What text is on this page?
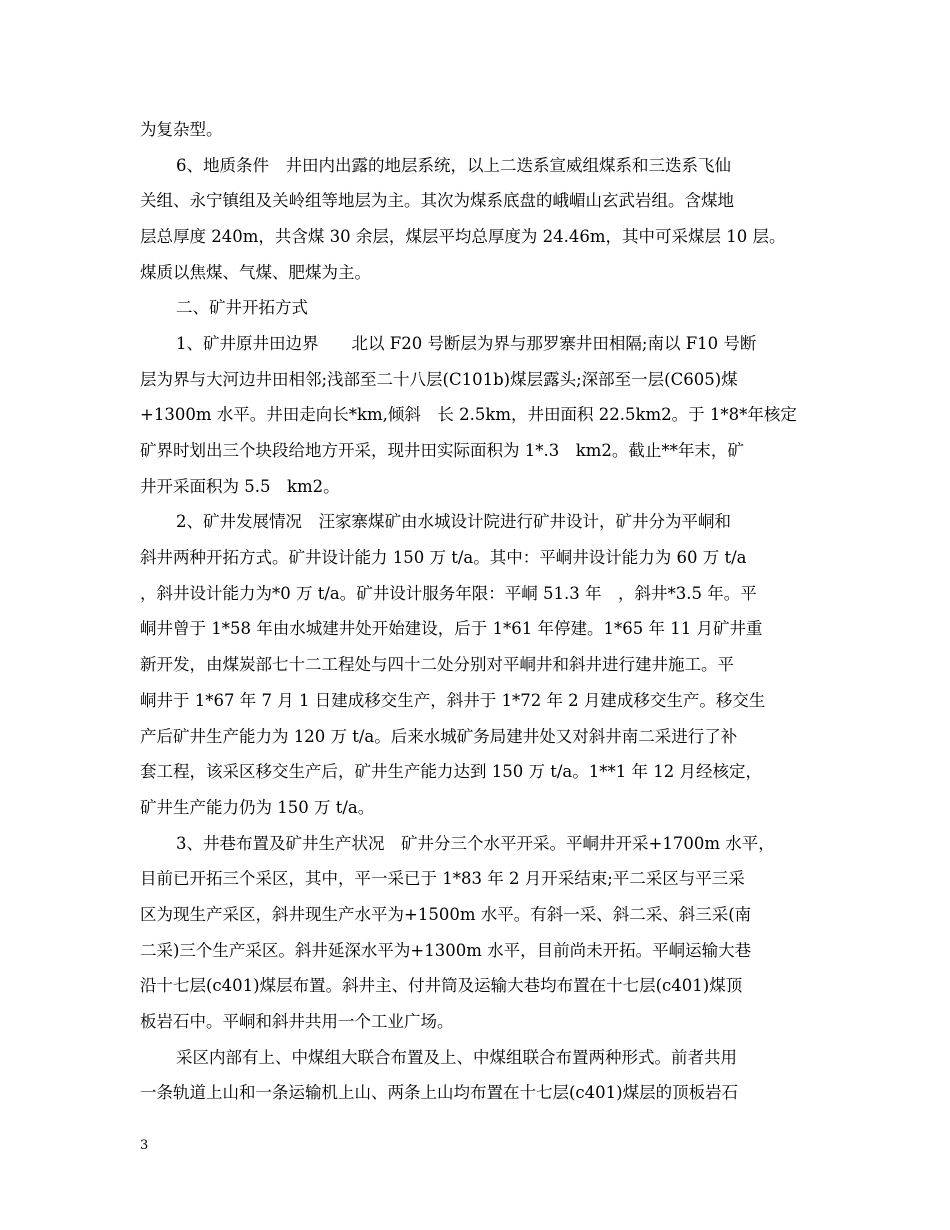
为复杂型。
6、地质条件　井田内出露的地层系统，以上二迭系宣威组煤系和三迭系飞仙
关组、永宁镇组及关岭组等地层为主。其次为煤系底盘的峨嵋山玄武岩组。含煤地
层总厚度 240m，共含煤 30 余层，煤层平均总厚度为 24.46m，其中可采煤层 10 层。
煤质以焦煤、气煤、肥煤为主。
二、矿井开拓方式
1、矿井原井田边界　　北以 F20 号断层为界与那罗寨井田相隔;南以 F10 号断
层为界与大河边井田相邻;浅部至二十八层(C101b)煤层露头;深部至一层(C605)煤
+1300m 水平。井田走向长*km,倾斜　长 2.5km，井田面积 22.5km2。于 1*8*年核定
矿界时划出三个块段给地方开采，现井田实际面积为 1*.3　km2。截止**年末，矿
井开采面积为 5.5　km2。
2、矿井发展情况　汪家寨煤矿由水城设计院进行矿井设计，矿井分为平峒和
斜井两种开拓方式。矿井设计能力 150 万 t/a。其中：平峒井设计能力为 60 万 t/a
，斜井设计能力为*0 万 t/a。矿井设计服务年限：平峒 51.3 年　，斜井*3.5 年。平
峒井曾于 1*58 年由水城建井处开始建设，后于 1*61 年停建。1*65 年 11 月矿井重
新开发，由煤炭部七十二工程处与四十二处分别对平峒井和斜井进行建井施工。平
峒井于 1*67 年 7 月 1 日建成移交生产，斜井于 1*72 年 2 月建成移交生产。移交生
产后矿井生产能力为 120 万 t/a。后来水城矿务局建井处又对斜井南二采进行了补
套工程，该采区移交生产后，矿井生产能力达到 150 万 t/a。1**1 年 12 月经核定，
矿井生产能力仍为 150 万 t/a。
3、井巷布置及矿井生产状况　矿井分三个水平开采。平峒井开采+1700m 水平，
目前已开拓三个采区，其中，平一采已于 1*83 年 2 月开采结束;平二采区与平三采
区为现生产采区，斜井现生产水平为+1500m 水平。有斜一采、斜二采、斜三采(南
二采)三个生产采区。斜井延深水平为+1300m 水平，目前尚未开拓。平峒运输大巷
沿十七层(c401)煤层布置。斜井主、付井筒及运输大巷均布置在十七层(c401)煤顶
板岩石中。平峒和斜井共用一个工业广场。
采区内部有上、中煤组大联合布置及上、中煤组联合布置两种形式。前者共用
一条轨道上山和一条运输机上山、两条上山均布置在十七层(c401)煤层的顶板岩石
3
